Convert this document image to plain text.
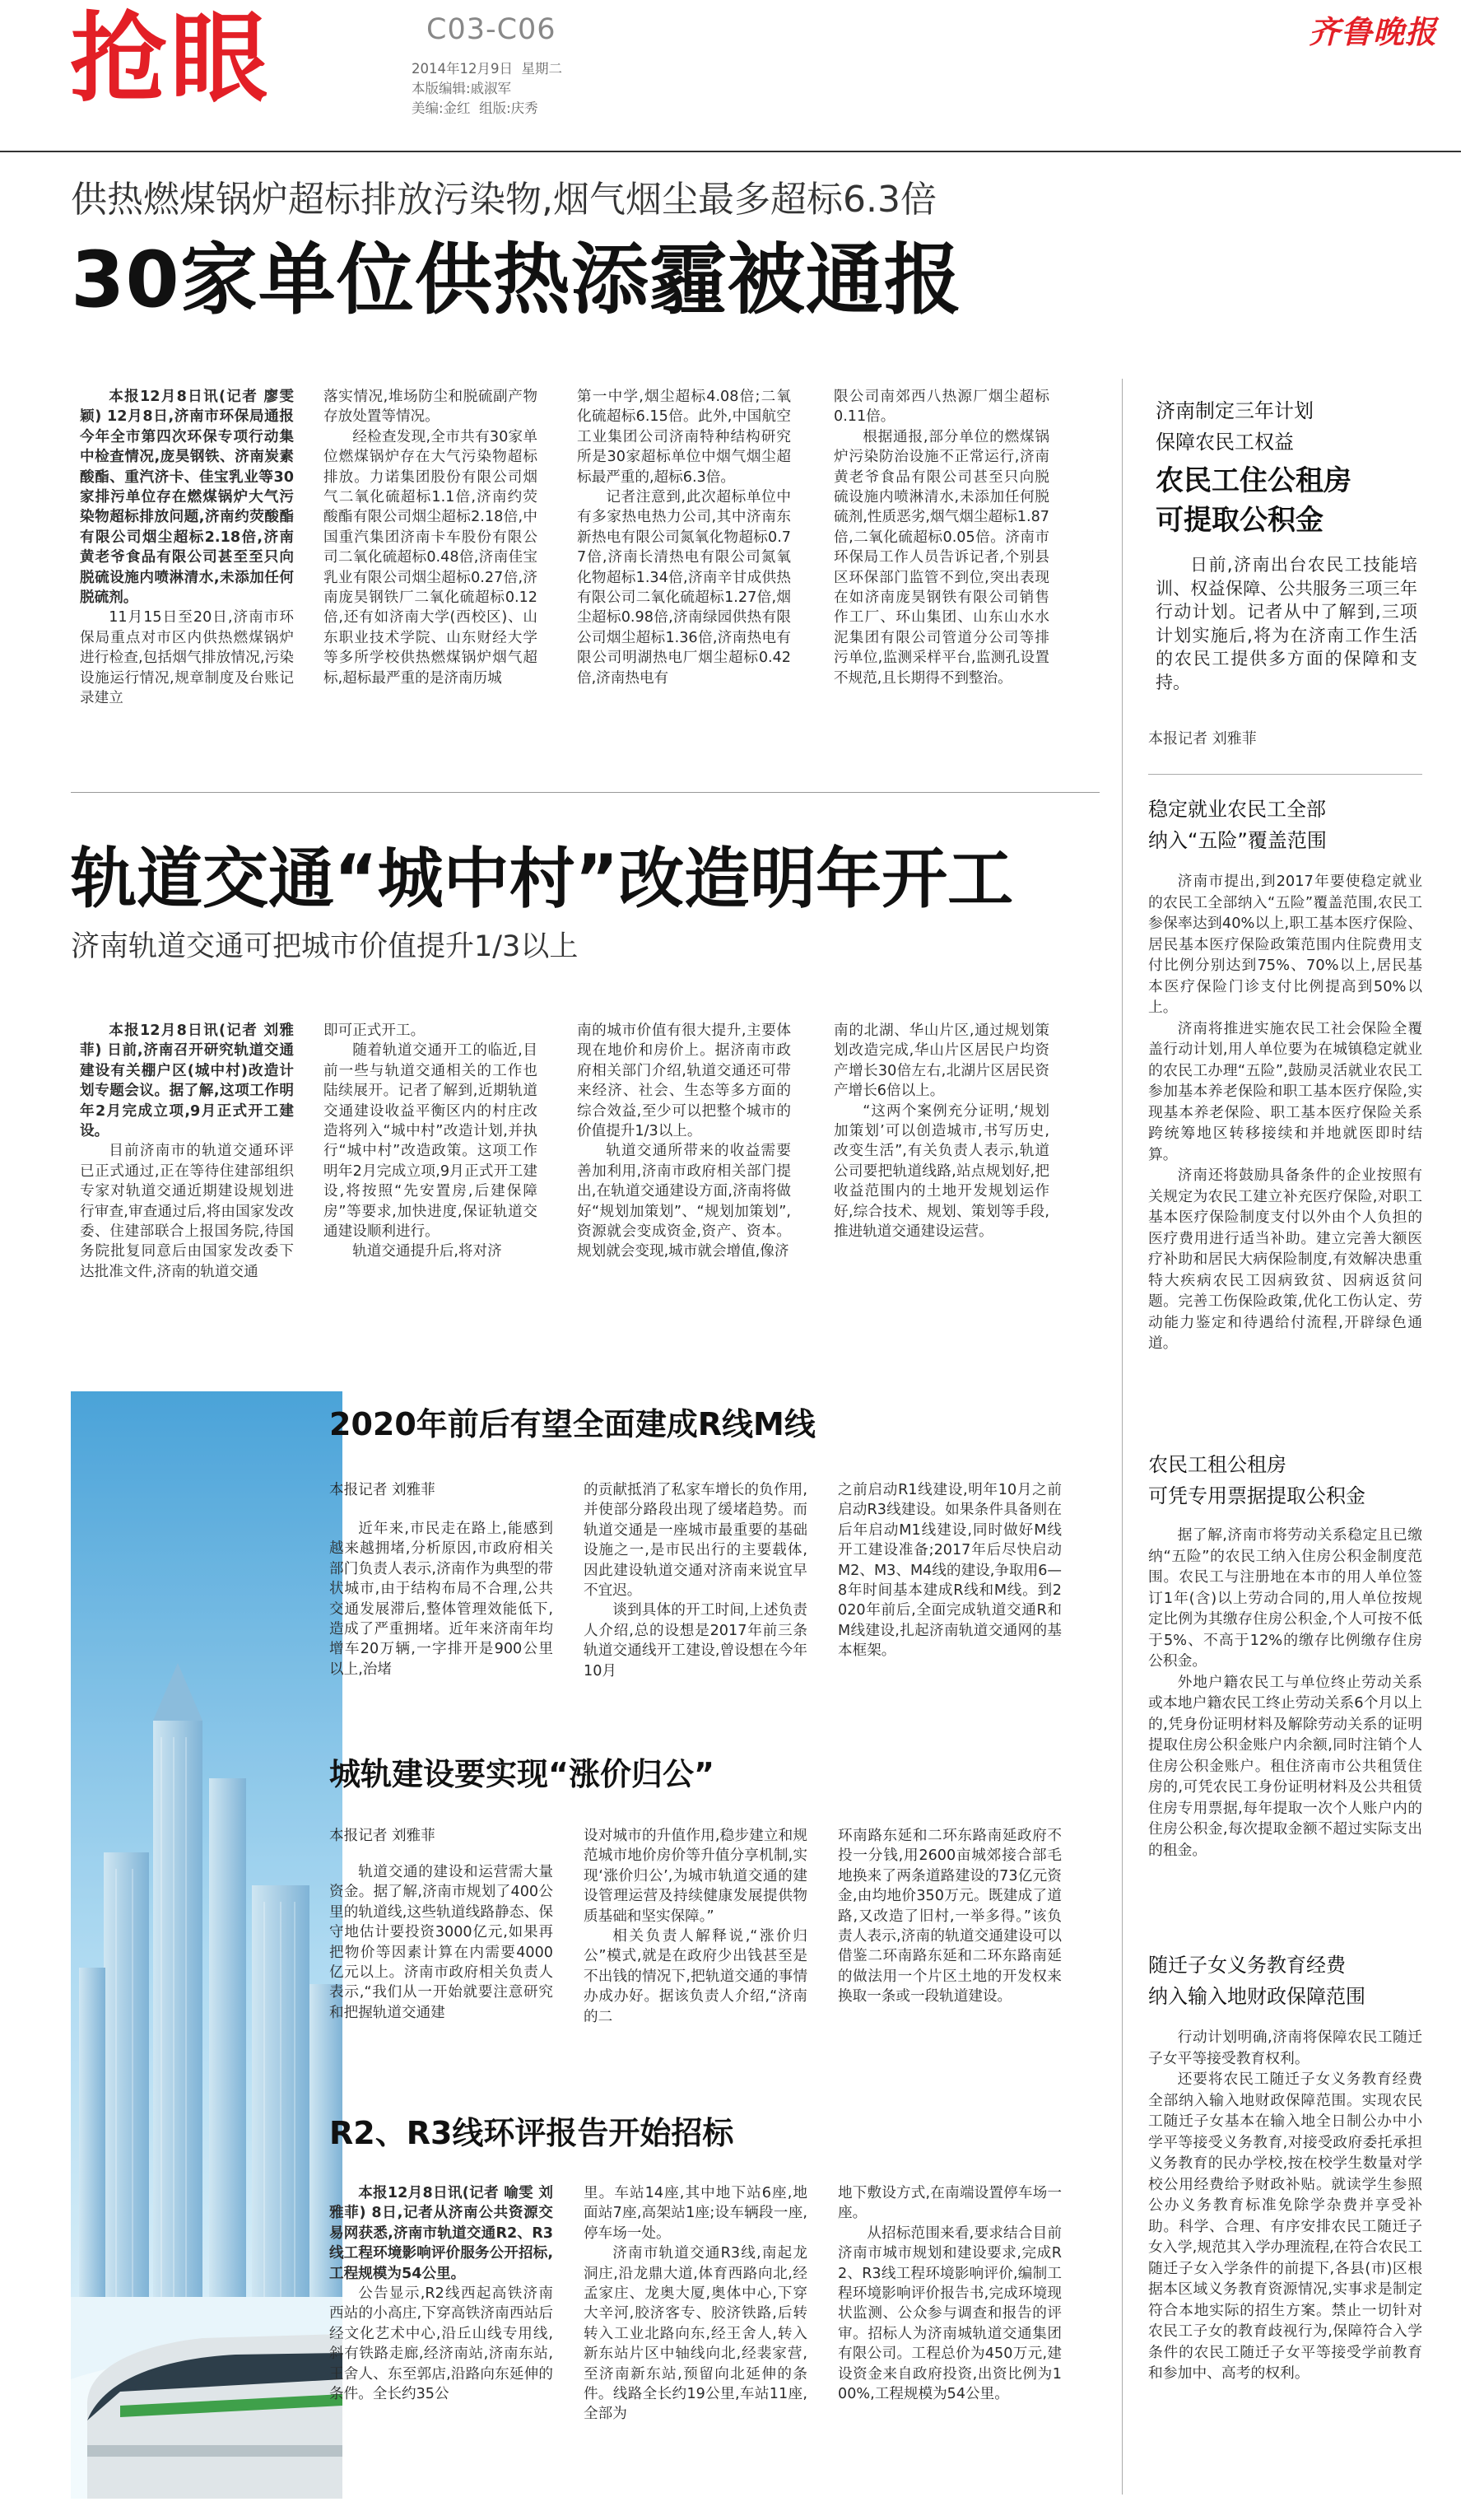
抢眼	C03-C06
2014年12月9日 星期二
本版编辑:戚淑军
美编:金红 组版:庆秀
齐鲁晚报
供热燃煤锅炉超标排放污染物,烟气烟尘最多超标6.3倍
30家单位供热添霾被通报

本报12月8日讯(记者 廖雯颖) 12月8日,济南市环保局通报今年全市第四次环保专项行动集中检查情况,庞昊钢铁、济南炭素酸酯、重汽济卡、佳宝乳业等30家排污单位存在燃煤锅炉大气污染物超标排放问题,济南约荧酸酯有限公司烟尘超标2.18倍,济南黄老爷食品有限公司甚至至只向脱硫设施内喷淋清水,未添加任何脱硫剂。

11月15日至20日,济南市环保局重点对市区内供热燃煤锅炉进行检查,包括烟气排放情况,污染设施运行情况,规章制度及台账记录建立

落实情况,堆场防尘和脱硫副产物存放处置等情况。

经检查发现,全市共有30家单位燃煤锅炉存在大气污染物超标排放。力诺集团股份有限公司烟气二氧化硫超标1.1倍,济南约荧酸酯有限公司烟尘超标2.18倍,中国重汽集团济南卡车股份有限公司二氧化硫超标0.48倍,济南佳宝乳业有限公司烟尘超标0.27倍,济南庞昊钢铁厂二氧化硫超标0.12倍,还有如济南大学(西校区)、山东职业技术学院、山东财经大学等多所学校供热燃煤锅炉烟气超标,超标最严重的是济南历城

第一中学,烟尘超标4.08倍;二氧化硫超标6.15倍。此外,中国航空工业集团公司济南特种结构研究所是30家超标单位中烟气烟尘超标最严重的,超标6.3倍。

记者注意到,此次超标单位中有多家热电热力公司,其中济南东新热电有限公司氮氧化物超标0.77倍,济南长清热电有限公司氮氧化物超标1.34倍,济南辛甘成供热有限公司二氧化硫超标1.27倍,烟尘超标0.98倍,济南绿园供热有限公司烟尘超标1.36倍,济南热电有限公司明湖热电厂烟尘超标0.42倍,济南热电有

限公司南郊西八热源厂烟尘超标0.11倍。

根据通报,部分单位的燃煤锅炉污染防治设施不正常运行,济南黄老爷食品有限公司甚至只向脱硫设施内喷淋清水,未添加任何脱硫剂,性质恶劣,烟气烟尘超标1.87倍,二氧化硫超标0.05倍。济南市环保局工作人员告诉记者,个别县区环保部门监管不到位,突出表现在如济南庞昊钢铁有限公司销售作工厂、环山集团、山东山水水泥集团有限公司管道分公司等排污单位,监测采样平台,监测孔设置不规范,且长期得不到整治。

济南制定三年计划
保障农民工权益
农民工住公租房
可提取公积金
日前,济南出台农民工技能培训、权益保障、公共服务三项三年行动计划。记者从中了解到,三项计划实施后,将为在济南工作生活的农民工提供多方面的保障和支持。
本报记者 刘雅菲
稳定就业农民工全部
纳入“五险”覆盖范围

济南市提出,到2017年要使稳定就业的农民工全部纳入“五险”覆盖范围,农民工参保率达到40%以上,职工基本医疗保险、居民基本医疗保险政策范围内住院费用支付比例分别达到75%、70%以上,居民基本医疗保险门诊支付比例提高到50%以上。

济南将推进实施农民工社会保险全覆盖行动计划,用人单位要为在城镇稳定就业的农民工办理“五险”,鼓励灵活就业农民工参加基本养老保险和职工基本医疗保险,实现基本养老保险、职工基本医疗保险关系跨统筹地区转移接续和并地就医即时结算。

济南还将鼓励具备条件的企业按照有关规定为农民工建立补充医疗保险,对职工基本医疗保险制度支付以外由个人负担的医疗费用进行适当补助。建立完善大额医疗补助和居民大病保险制度,有效解决患重特大疾病农民工因病致贫、因病返贫问题。完善工伤保险政策,优化工伤认定、劳动能力鉴定和待遇给付流程,开辟绿色通道。

农民工租公租房
可凭专用票据提取公积金

据了解,济南市将劳动关系稳定且已缴纳“五险”的农民工纳入住房公积金制度范围。农民工与注册地在本市的用人单位签订1年(含)以上劳动合同的,用人单位按规定比例为其缴存住房公积金,个人可按不低于5%、不高于12%的缴存比例缴存住房公积金。

外地户籍农民工与单位终止劳动关系或本地户籍农民工终止劳动关系6个月以上的,凭身份证明材料及解除劳动关系的证明提取住房公积金账户内余额,同时注销个人住房公积金账户。租住济南市公共租赁住房的,可凭农民工身份证明材料及公共租赁住房专用票据,每年提取一次个人账户内的住房公积金,每次提取金额不超过实际支出的租金。

随迁子女义务教育经费
纳入输入地财政保障范围

行动计划明确,济南将保障农民工随迁子女平等接受教育权利。

还要将农民工随迁子女义务教育经费全部纳入输入地财政保障范围。实现农民工随迁子女基本在输入地全日制公办中小学平等接受义务教育,对接受政府委托承担义务教育的民办学校,按在校学生数量对学校公用经费给予财政补贴。就读学生参照公办义务教育标准免除学杂费并享受补助。科学、合理、有序安排农民工随迁子女入学,规范其入学办理流程,在符合农民工随迁子女入学条件的前提下,各县(市)区根据本区域义务教育资源情况,实事求是制定符合本地实际的招生方案。禁止一切针对农民工子女的教育歧视行为,保障符合入学条件的农民工随迁子女平等接受学前教育和参加中、高考的权利。

轨道交通“城中村”改造明年开工
济南轨道交通可把城市价值提升1/3以上

本报12月8日讯(记者 刘雅菲) 日前,济南召开研究轨道交通建设有关棚户区(城中村)改造计划专题会议。据了解,这项工作明年2月完成立项,9月正式开工建设。

目前济南市的轨道交通环评已正式通过,正在等待住建部组织专家对轨道交通近期建设规划进行审查,审查通过后,将由国家发改委、住建部联合上报国务院,待国务院批复同意后由国家发改委下达批准文件,济南的轨道交通

即可正式开工。

随着轨道交通开工的临近,目前一些与轨道交通相关的工作也陆续展开。记者了解到,近期轨道交通建设收益平衡区内的村庄改造将列入“城中村”改造计划,并执行“城中村”改造政策。这项工作明年2月完成立项,9月正式开工建设,将按照“先安置房,后建保障房”等要求,加快进度,保证轨道交通建设顺利进行。

轨道交通提升后,将对济

南的城市价值有很大提升,主要体现在地价和房价上。据济南市政府相关部门介绍,轨道交通还可带来经济、社会、生态等多方面的综合效益,至少可以把整个城市的价值提升1/3以上。

轨道交通所带来的收益需要善加利用,济南市政府相关部门提出,在轨道交通建设方面,济南将做好“规划加策划”、“规划加策划”,资源就会变成资金,资产、资本。规划就会变现,城市就会增值,像济

南的北湖、华山片区,通过规划策划改造完成,华山片区居民户均资产增长30倍左右,北湖片区居民资产增长6倍以上。

“这两个案例充分证明,‘规划加策划’可以创造城市,书写历史,改变生活”,有关负责人表示,轨道公司要把轨道线路,站点规划好,把收益范围内的土地开发规划运作好,综合技术、规划、策划等手段,推进轨道交通建设运营。

2020年前后有望全面建成R线M线
本报记者 刘雅菲

近年来,市民走在路上,能感到越来越拥堵,分析原因,市政府相关部门负责人表示,济南作为典型的带状城市,由于结构布局不合理,公共交通发展滞后,整体管理效能低下,造成了严重拥堵。近年来济南年均增车20万辆,一字排开是900公里以上,治堵

的贡献抵消了私家车增长的负作用,并使部分路段出现了缓堵趋势。而轨道交通是一座城市最重要的基础设施之一,是市民出行的主要载体,因此建设轨道交通对济南来说宜早不宜迟。

谈到具体的开工时间,上述负责人介绍,总的设想是2017年前三条轨道交通线开工建设,曾设想在今年10月

之前启动R1线建设,明年10月之前启动R3线建设。如果条件具备则在后年启动M1线建设,同时做好M线开工建设准备;2017年后尽快启动M2、M3、M4线的建设,争取用6—8年时间基本建成R线和M线。到2020年前后,全面完成轨道交通R和M线建设,扎起济南轨道交通网的基本框架。

城轨建设要实现“涨价归公”
本报记者 刘雅菲

轨道交通的建设和运营需大量资金。据了解,济南市规划了400公里的轨道线,这些轨道线路静态、保守地估计要投资3000亿元,如果再把物价等因素计算在内需要4000亿元以上。济南市政府相关负责人表示,“我们从一开始就要注意研究和把握轨道交通建

设对城市的升值作用,稳步建立和规范城市地价房价等升值分享机制,实现‘涨价归公’,为城市轨道交通的建设管理运营及持续健康发展提供物质基础和坚实保障。”

相关负责人解释说,“涨价归公”模式,就是在政府少出钱甚至是不出钱的情况下,把轨道交通的事情办成办好。据该负责人介绍,“济南的二

环南路东延和二环东路南延政府不投一分钱,用2600亩城郊接合部毛地换来了两条道路建设的73亿元资金,由均地价350万元。既建成了道路,又改造了旧村,一举多得。”该负责人表示,济南的轨道交通建设可以借鉴二环南路东延和二环东路南延的做法用一个片区土地的开发权来换取一条或一段轨道建设。

R2、R3线环评报告开始招标

本报12月8日讯(记者 喻雯 刘雅菲) 8日,记者从济南公共资源交易网获悉,济南市轨道交通R2、R3线工程环境影响评价服务公开招标,工程规模为54公里。

公告显示,R2线西起高铁济南西站的小高庄,下穿高铁济南西站后经文化艺术中心,沿丘山线专用线,斜有铁路走廊,经济南站,济南东站,王舍人、东至郭店,沿路向东延伸的条件。全长约35公

里。车站14座,其中地下站6座,地面站7座,高架站1座;设车辆段一座,停车场一处。

济南市轨道交通R3线,南起龙洞庄,沿龙鼎大道,体育西路向北,经孟家庄、龙奥大厦,奥体中心,下穿大辛河,胶济客专、胶济铁路,后转转入工业北路向东,经王舍人,转入新东站片区中轴线向北,经裴家营,至济南新东站,预留向北延伸的条件。线路全长约19公里,车站11座,全部为

地下敷设方式,在南端设置停车场一座。

从招标范围来看,要求结合目前济南市城市规划和建设要求,完成R2、R3线工程环境影响评价,编制工程环境影响评价报告书,完成环境现状监测、公众参与调查和报告的评审。招标人为济南城轨道交通集团有限公司。工程总价为450万元,建设资金来自政府投资,出资比例为100%,工程规模为54公里。
